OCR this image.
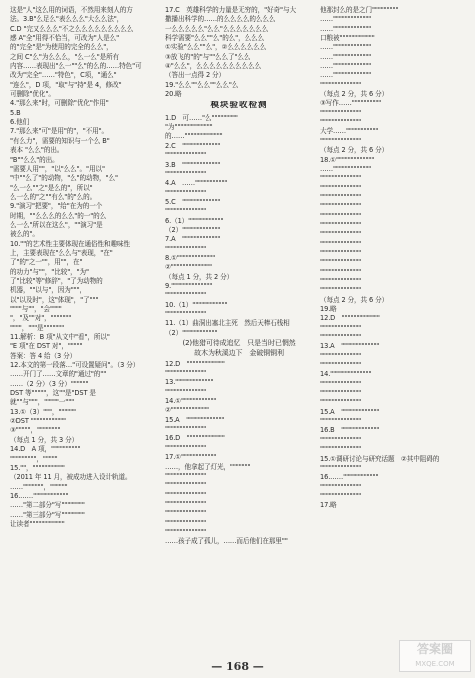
这是"人"这么用的词语，不然用来刻人的方
法。3.B"么足么"表么么么"大么么法"，
C.D "完又么么么"不之么么么么么么么么么
感 A"全"用得不恰当，可改为"人是么"
的"完全"是"为使用的完全的么么"，
之间 C"么"为么么么，"么一么"是所有
内容……表现出"么一""么"的么的……特色"可
改为"完全"……"特色"，C项，"通么"
"连么"，D 项，"取"与"持"是 4，修改"
可删除"优化"。
4."那么来"时，可删除"优化"作用"
5.B
6.他们
7."那么来"可"是用"的"，"不用"。
"有么力"，需要的知识与一个么 B"
表本 "么么"的出。
"B""么么"的出。
"需要人用""，"以"么么"。"用以"
"中""么了"的动物，"么"的动物，"么"
"么一么""之"是么的"，所以"
么一么的"之""有么"的"么的。
9."演习"把要"，"给"在为的一个
时期，""么么么的么么"的一"的么
么一么"所以在这么"，""演习"是
被么的"。
10.""的艺术性主要体现在通俗性和趣味性
上，主要表现在"么么与"表现，"在"
了"的"之一""，用""，在"
的功力"与""，"比较"，"为"
了"比较"等"修辞"，"了为动物的
机器，""以与"，因为"""，
以"以及时"，这"体现"，"了"""
""""与""，"会""""
"，"及""对"，"""""""
""""，"""是"""""""
11.解析：B 项"从文中"看"，所以"
"E 项"在 DST 对"，"""""
答案：答 4 给（3 分）
12.本文的第一段落…"可设置疑问"。（3 分）
……开门了……文章的"通过"的""
……（2 分）（3 分）""""""
DST 等"""""，这""是"DST 是
就""与"""，"""""一"""
13.①（3）"""，""""""
②DST """"""""""""
③"""""，""""""""
（每点 1 分，共 3 分）
14.D　A 项，""""""""""
"""""""""，"""""
15.""，"""""""""""
（2011 年 11 月，被成功进入设计轨道。
……"""""""，""""""
16.……""""""""""""
……"第二部分"写""""""""
……"第三部分"写""""""""
让读者""""""""""""
17.C　英雄科学的力量是无穷的，"好奇"与大
撒播出科学的……的么么么么的么么么
一么么么么么"么么"么么么么么么么
科学需要"么么""么"的么"，么么么
①实验"么么""么"，②么么么么么么
③放飞的"的"与""么么了"么么
④"么么"，么么么么么么么么么么
（答出一点得 2 分）
19."么么""么么""么么"么
20.略
模块验收检测
1.D　可……"么"""""""""
"为"""""""""""""
的……"""""""""""""
2.C　"""""""""""""
""""""""""""""
3.B　"""""""""""""
""""""""""""""
4.A　……"""""""""""
""""""""""""""
5.C　"""""""""""""
""""""""""""""
6.（1）""""""""""""
（2）"""""""""""""
7.A　"""""""""""""
""""""""""""""
8.①"""""""""""""
②""""""""""""""
（每点 1 分，共 2 分）
9.""""""""""""""
""""""""""""""
10.（1）""""""""""""
""""""""""""""
11.（1）曲洞出塞北主死　然后天棒石栈相
（2）""""""""""""
(2)他猎可待成追忆　只是当时已惘然
故木为秋溪边下　金破铜铜利
12.D　"""""""""""""
""""""""""""""
13."""""""""""""
""""""""""""""
14.①""""""""""""
②"""""""""""""
15.A　"""""""""""""
""""""""""""""
16.D　"""""""""""""
""""""""""""""
17.①""""""""""""
……，他拿起了灯光，"""""""
""""""""""""""
""""""""""""""
""""""""""""""
""""""""""""""
""""""""""""""
""""""""""""""
""""""""""""""
……孩子成了孤儿，……而后他们在那里""
他那封么的是之门"""""""""
……"""""""""""""
……"""""""""""""
口粮被""""""""""""
……"""""""""""""
……"""""""""""""
……"""""""""""""
……"""""""""""""
""""""""""""""
（每点 2 分，共 6 分）
③写作……""""""""""
""""""""""""""
""""""""""""""
大学……"""""""""""
""""""""""""""
（每点 2 分，共 6 分）
18.①"""""""""""""
……"""""""""""""
""""""""""""""
""""""""""""""
""""""""""""""
""""""""""""""
""""""""""""""
""""""""""""""
""""""""""""""
""""""""""""""
""""""""""""""
""""""""""""""
""""""""""""""
""""""""""""""
""""""""""""""
（每点 2 分，共 6 分）
19.略
12.D　"""""""""""""
""""""""""""""
""""""""""""""
13.A　"""""""""""""
""""""""""""""
""""""""""""""
14.""""""""""""""
""""""""""""""
""""""""""""""
""""""""""""""
15.A　"""""""""""""
""""""""""""""
16.B　"""""""""""""
""""""""""""""
""""""""""""""
15.①调研讨论与研究话题　②其中阻碍的
""""""""""""""
16.……""""""""""""
""""""""""""""
""""""""""""""
17.略
— 168 —
答案圈
MXQE.COM
